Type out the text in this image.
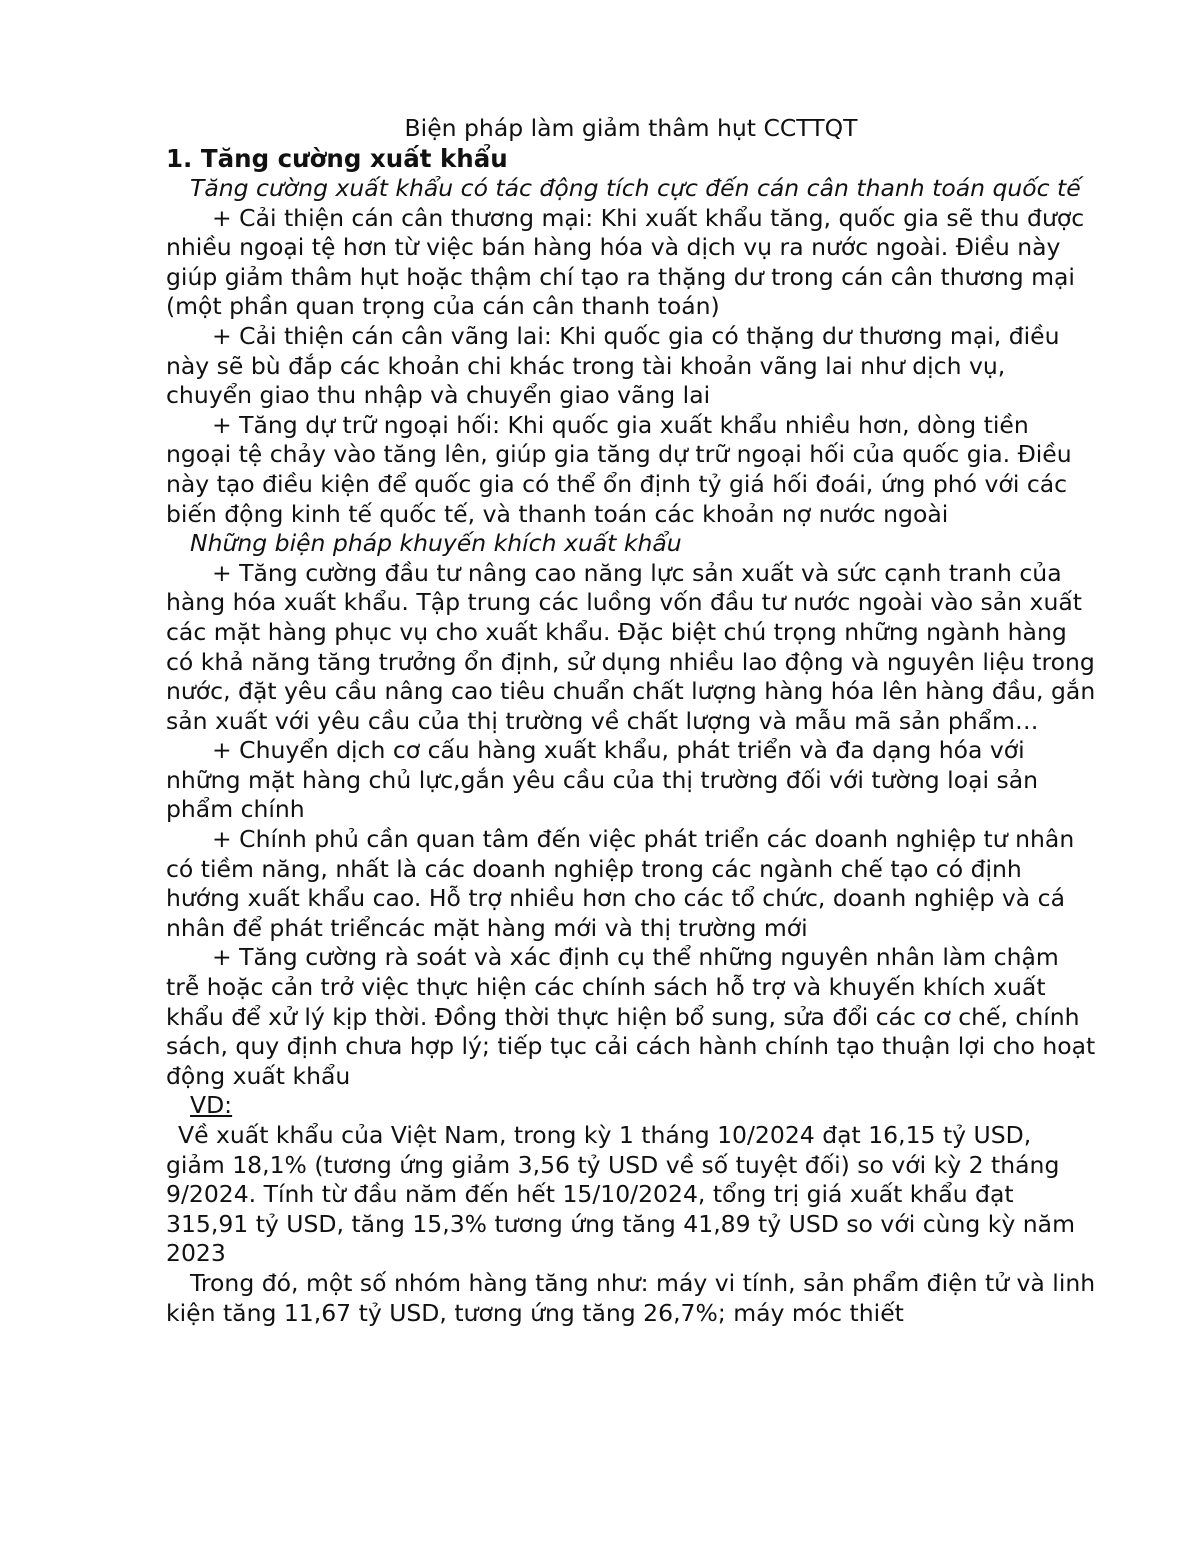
Biện pháp làm giảm thâm hụt CCTTQT
1. Tăng cường xuất khẩu

Tăng cường xuất khẩu có tác động tích cực đến cán cân thanh toán quốc tế

+ Cải thiện cán cân thương mại: Khi xuất khẩu tăng, quốc gia sẽ thu được nhiều ngoại tệ hơn từ việc bán hàng hóa và dịch vụ ra nước ngoài. Điều này giúp giảm thâm hụt hoặc thậm chí tạo ra thặng dư trong cán cân thương mại (một phần quan trọng của cán cân thanh toán)

+ Cải thiện cán cân vãng lai: Khi quốc gia có thặng dư thương mại, điều này sẽ bù đắp các khoản chi khác trong tài khoản vãng lai như dịch vụ, chuyển giao thu nhập và chuyển giao vãng lai

+ Tăng dự trữ ngoại hối: Khi quốc gia xuất khẩu nhiều hơn, dòng tiền ngoại tệ chảy vào tăng lên, giúp gia tăng dự trữ ngoại hối của quốc gia. Điều này tạo điều kiện để quốc gia có thể ổn định tỷ giá hối đoái, ứng phó với các biến động kinh tế quốc tế, và thanh toán các khoản nợ nước ngoài

Những biện pháp khuyến khích xuất khẩu

+ Tăng cường đầu tư nâng cao năng lực sản xuất và sức cạnh tranh của hàng hóa xuất khẩu. Tập trung các luồng vốn đầu tư nước ngoài vào sản xuất các mặt hàng phục vụ cho xuất khẩu. Đặc biệt chú trọng những ngành hàng có khả năng tăng trưởng ổn định, sử dụng nhiều lao động và nguyên liệu trong nước, đặt yêu cầu nâng cao tiêu chuẩn chất lượng hàng hóa lên hàng đầu, gắn sản xuất với yêu cầu của thị trường về chất lượng và mẫu mã sản phẩm…

+ Chuyển dịch cơ cấu hàng xuất khẩu, phát triển và đa dạng hóa với những mặt hàng chủ lực,gắn yêu cầu của thị trường đối với tường loại sản phẩm chính

+ Chính phủ cần quan tâm đến việc phát triển các doanh nghiệp tư nhân có tiềm năng, nhất là các doanh nghiệp trong các ngành chế tạo có định hướng xuất khẩu cao. Hỗ trợ nhiều hơn cho các tổ chức, doanh nghiệp và cá nhân để phát triểncác mặt hàng mới và thị trường mới

+ Tăng cường rà soát và xác định cụ thể những nguyên nhân làm chậm trễ hoặc cản trở việc thực hiện các chính sách hỗ trợ và khuyến khích xuất khẩu để xử lý kịp thời. Đồng thời thực hiện bổ sung, sửa đổi các cơ chế, chính sách, quy định chưa hợp lý; tiếp tục cải cách hành chính tạo thuận lợi cho hoạt động xuất khẩu

VD:

Về xuất khẩu của Việt Nam, trong kỳ 1 tháng 10/2024 đạt 16,15 tỷ USD, giảm 18,1% (tương ứng giảm 3,56 tỷ USD về số tuyệt đối) so với kỳ 2 tháng 9/2024. Tính từ đầu năm đến hết 15/10/2024, tổng trị giá xuất khẩu đạt 315,91 tỷ USD, tăng 15,3% tương ứng tăng 41,89 tỷ USD so với cùng kỳ năm 2023

Trong đó, một số nhóm hàng tăng như: máy vi tính, sản phẩm điện tử và linh kiện tăng 11,67 tỷ USD, tương ứng tăng 26,7%; máy móc thiết
